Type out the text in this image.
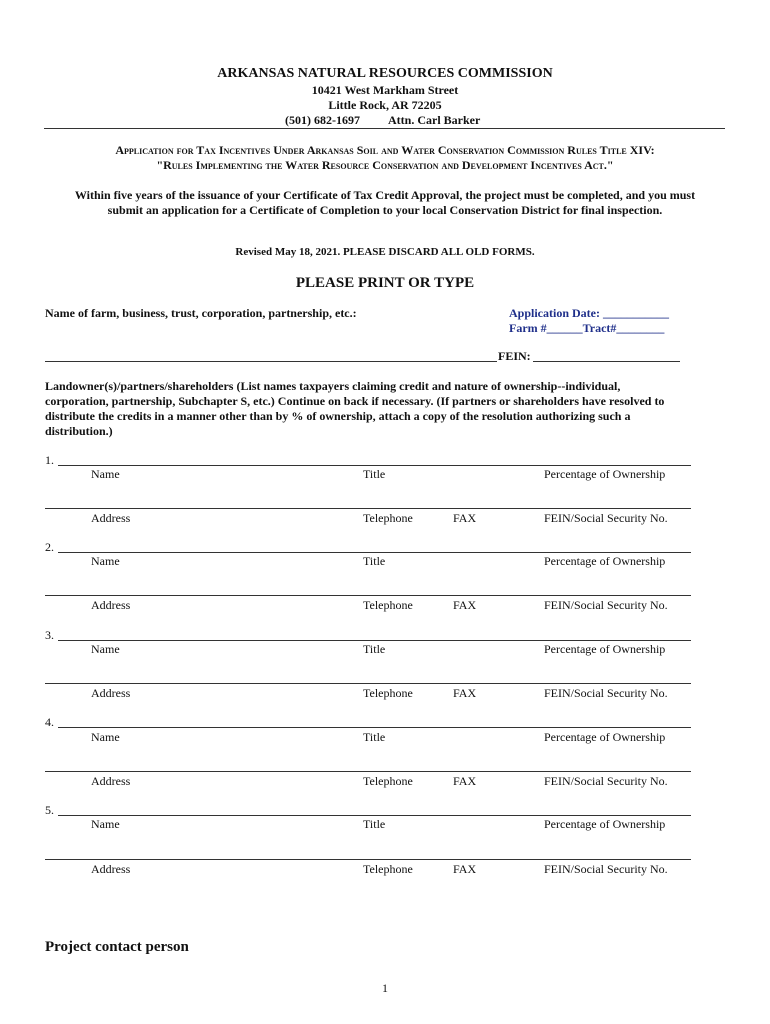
ARKANSAS NATURAL RESOURCES COMMISSION
10421 West Markham Street
Little Rock, AR 72205
(501) 682-1697 Attn. Carl Barker
Application for Tax Incentives Under Arkansas Soil and Water Conservation Commission Rules Title XIV:
"Rules Implementing the Water Resource Conservation and Development Incentives Act."
Within five years of the issuance of your Certificate of Tax Credit Approval, the project must be completed, and you must
submit an application for a Certificate of Completion to your local Conservation District for final inspection.
Revised May 18, 2021. PLEASE DISCARD ALL OLD FORMS.
PLEASE PRINT OR TYPE
Name of farm, business, trust, corporation, partnership, etc.:	Application Date: ___________
Farm #______Tract#________
FEIN:
Landowner(s)/partners/shareholders (List names taxpayers claiming credit and nature of ownership--individual,
corporation, partnership, Subchapter S, etc.) Continue on back if necessary. (If partners or shareholders have resolved to
distribute the credits in a manner other than by % of ownership, attach a copy of the resolution authorizing such a
distribution.)
1.
Name	Title	Percentage of Ownership
Address	Telephone	FAX	FEIN/Social Security No.
2.
Name	Title	Percentage of Ownership
Address	Telephone	FAX	FEIN/Social Security No.
3.
Name	Title	Percentage of Ownership
Address	Telephone	FAX	FEIN/Social Security No.
4.
Name	Title	Percentage of Ownership
Address	Telephone	FAX	FEIN/Social Security No.
5.
Name	Title	Percentage of Ownership
Address	Telephone	FAX	FEIN/Social Security No.
Project contact person
1
